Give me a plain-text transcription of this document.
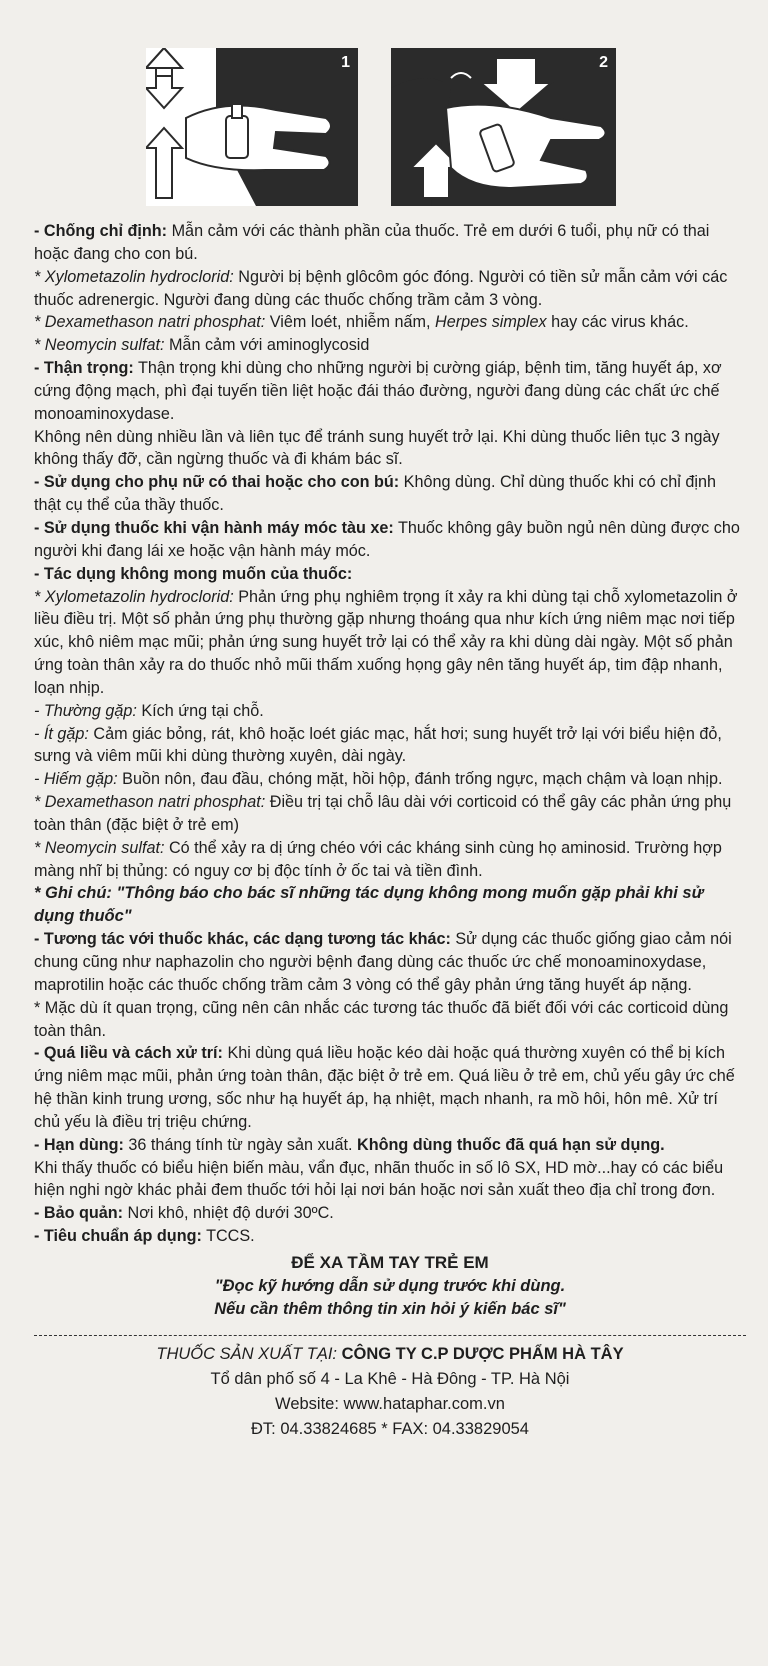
1	2

- Chống chỉ định: Mẫn cảm với các thành phần của thuốc. Trẻ em dưới 6 tuổi, phụ nữ có thai hoặc đang cho con bú.

* Xylometazolin hydroclorid: Người bị bệnh glôcôm góc đóng. Người có tiền sử mẫn cảm với các thuốc adrenergic. Người đang dùng các thuốc chống trầm cảm 3 vòng.

* Dexamethason natri phosphat: Viêm loét, nhiễm nấm, Herpes simplex hay các virus khác.

* Neomycin sulfat: Mẫn cảm với aminoglycosid

- Thận trọng: Thận trọng khi dùng cho những người bị cường giáp, bệnh tim, tăng huyết áp, xơ cứng động mạch, phì đại tuyến tiền liệt hoặc đái tháo đường, người đang dùng các chất ức chế monoaminoxydase.

Không nên dùng nhiều lần và liên tục để tránh sung huyết trở lại. Khi dùng thuốc liên tục 3 ngày không thấy đỡ, cần ngừng thuốc và đi khám bác sĩ.

- Sử dụng cho phụ nữ có thai hoặc cho con bú: Không dùng. Chỉ dùng thuốc khi có chỉ định thật cụ thể của thầy thuốc.

- Sử dụng thuốc khi vận hành máy móc tàu xe: Thuốc không gây buồn ngủ nên dùng được cho người khi đang lái xe hoặc vận hành máy móc.

- Tác dụng không mong muốn của thuốc:

* Xylometazolin hydroclorid: Phản ứng phụ nghiêm trọng ít xảy ra khi dùng tại chỗ xylometazolin ở liều điều trị. Một số phản ứng phụ thường gặp nhưng thoáng qua như kích ứng niêm mạc nơi tiếp xúc, khô niêm mạc mũi; phản ứng sung huyết trở lại có thể xảy ra khi dùng dài ngày. Một số phản ứng toàn thân xảy ra do thuốc nhỏ mũi thấm xuống họng gây nên tăng huyết áp, tim đập nhanh, loạn nhịp.

- Thường gặp: Kích ứng tại chỗ.

- Ít gặp: Cảm giác bỏng, rát, khô hoặc loét giác mạc, hắt hơi; sung huyết trở lại với biểu hiện đỏ, sưng và viêm mũi khi dùng thường xuyên, dài ngày.

- Hiếm gặp: Buồn nôn, đau đầu, chóng mặt, hồi hộp, đánh trống ngực, mạch chậm và loạn nhịp.

* Dexamethason natri phosphat: Điều trị tại chỗ lâu dài với corticoid có thể gây các phản ứng phụ toàn thân (đặc biệt ở trẻ em)

* Neomycin sulfat: Có thể xảy ra dị ứng chéo với các kháng sinh cùng họ aminosid. Trường hợp màng nhĩ bị thủng: có nguy cơ bị độc tính ở ốc tai và tiền đình.

* Ghi chú: "Thông báo cho bác sĩ những tác dụng không mong muốn gặp phải khi sử dụng thuốc"

- Tương tác với thuốc khác, các dạng tương tác khác: Sử dụng các thuốc giống giao cảm nói chung cũng như naphazolin cho người bệnh đang dùng các thuốc ức chế monoaminoxydase, maprotilin hoặc các thuốc chống trầm cảm 3 vòng có thể gây phản ứng tăng huyết áp nặng.

* Mặc dù ít quan trọng, cũng nên cân nhắc các tương tác thuốc đã biết đối với các corticoid dùng toàn thân.

- Quá liều và cách xử trí: Khi dùng quá liều hoặc kéo dài hoặc quá thường xuyên có thể bị kích ứng niêm mạc mũi, phản ứng toàn thân, đặc biệt ở trẻ em. Quá liều ở trẻ em, chủ yếu gây ức chế hệ thần kinh trung ương, sốc như hạ huyết áp, hạ nhiệt, mạch nhanh, ra mồ hôi, hôn mê. Xử trí chủ yếu là điều trị triệu chứng.

- Hạn dùng: 36 tháng tính từ ngày sản xuất. Không dùng thuốc đã quá hạn sử dụng.

Khi thấy thuốc có biểu hiện biến màu, vẩn đục, nhãn thuốc in số lô SX, HD mờ...hay có các biểu hiện nghi ngờ khác phải đem thuốc tới hỏi lại nơi bán hoặc nơi sản xuất theo địa chỉ trong đơn.

- Bảo quản: Nơi khô, nhiệt độ dưới 30ºC.

- Tiêu chuẩn áp dụng: TCCS.

ĐỂ XA TẦM TAY TRẺ EM

"Đọc kỹ hướng dẫn sử dụng trước khi dùng.

Nếu cần thêm thông tin xin hỏi ý kiến bác sĩ"

THUỐC SẢN XUẤT TẠI: CÔNG TY C.P DƯỢC PHẨM HÀ TÂY

Tổ dân phố số 4 - La Khê - Hà Đông - TP. Hà Nội

Website: www.hataphar.com.vn

ĐT: 04.33824685 * FAX: 04.33829054
